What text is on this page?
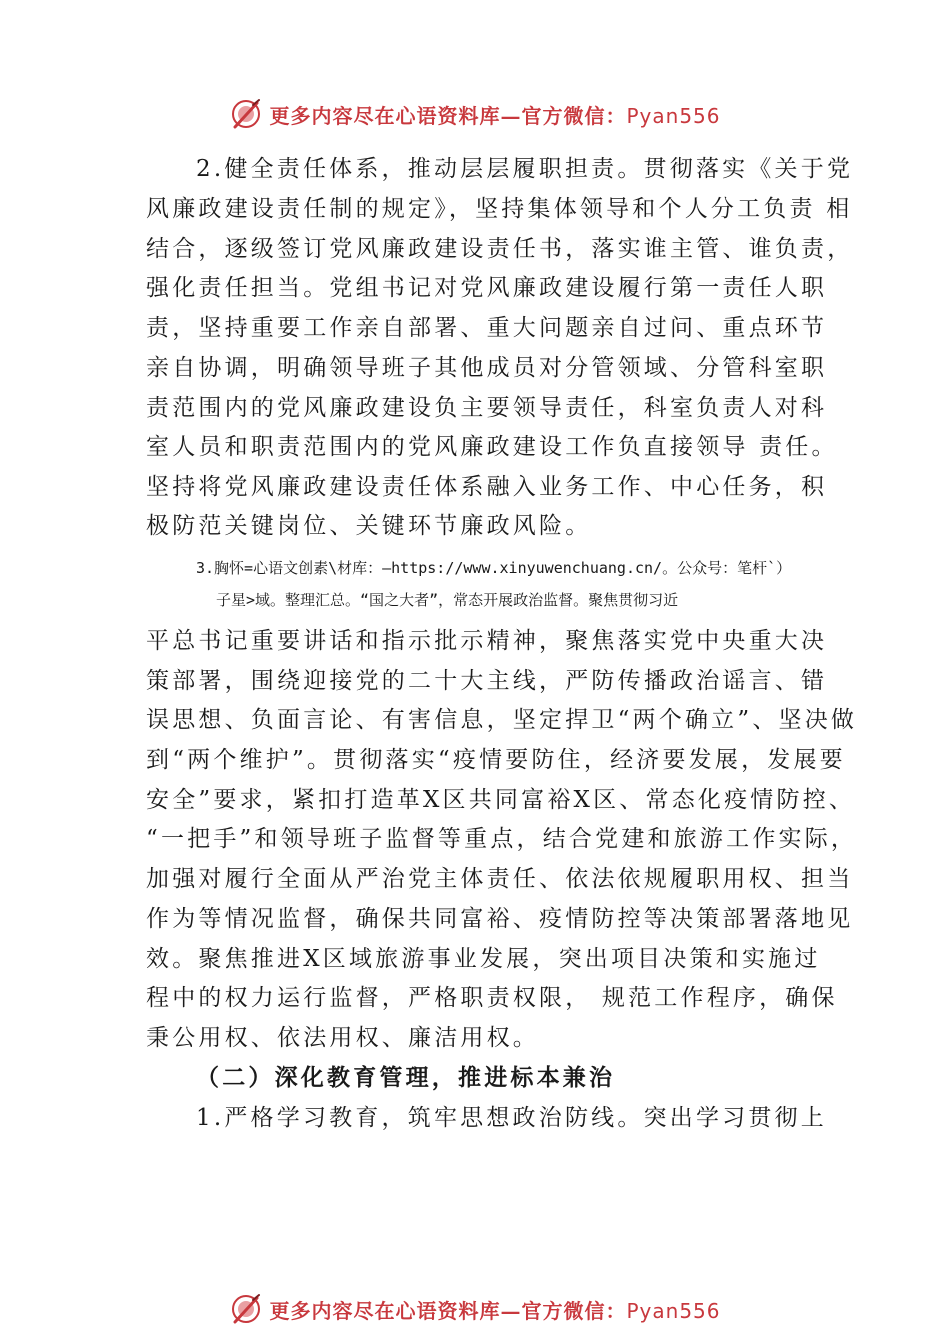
更多内容尽在心语资料库—官方微信：Pyan556
2.健全责任体系，推动层层履职担责。贯彻落实《关于党
风廉政建设责任制的规定》，坚持集体领导和个人分工负责 相
结合，逐级签订党风廉政建设责任书，落实谁主管、谁负责，
强化责任担当。党组书记对党风廉政建设履行第一责任人职
责，坚持重要工作亲自部署、重大问题亲自过问、重点环节
亲自协调，明确领导班子其他成员对分管领域、分管科室职
责范围内的党风廉政建设负主要领导责任，科室负责人对科
室人员和职责范围内的党风廉政建设工作负直接领导 责任。
坚持将党风廉政建设责任体系融入业务工作、中心任务，积
极防范关键岗位、关键环节廉政风险。
3.胸怀=心语文创素\材库：—https://www.xinyuwenchuang.cn/。公众号：笔杆`）
子星>域。整理汇总。“国之大者”，常态开展政治监督。聚焦贯彻习近
平总书记重要讲话和指示批示精神，聚焦落实党中央重大决
策部署，围绕迎接党的二十大主线，严防传播政治谣言、错
误思想、负面言论、有害信息，坚定捍卫“两个确立”、坚决做
到“两个维护”。贯彻落实“疫情要防住，经济要发展，发展要
安全”要求，紧扣打造革X区共同富裕X区、常态化疫情防控、
“一把手”和领导班子监督等重点，结合党建和旅游工作实际，
加强对履行全面从严治党主体责任、依法依规履职用权、担当
作为等情况监督，确保共同富裕、疫情防控等决策部署落地见
效。聚焦推进X区域旅游事业发展，突出项目决策和实施过
程中的权力运行监督，严格职责权限， 规范工作程序，确保
秉公用权、依法用权、廉洁用权。
（二）深化教育管理，推进标本兼治
1.严格学习教育，筑牢思想政治防线。突出学习贯彻上
更多内容尽在心语资料库—官方微信：Pyan556
